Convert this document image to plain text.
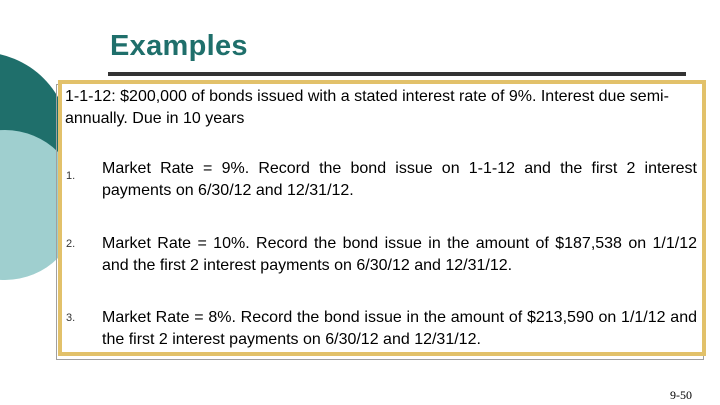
Examples
1-1-12: $200,000 of bonds issued with a stated interest rate of 9%. Interest due semi-annually. Due in 10 years
1. Market Rate = 9%. Record the bond issue on 1-1-12 and the first 2 interest payments on 6/30/12 and 12/31/12.
2. Market Rate = 10%. Record the bond issue in the amount of $187,538 on 1/1/12 and the first 2 interest payments on 6/30/12 and 12/31/12.
3. Market Rate = 8%. Record the bond issue in the amount of $213,590 on 1/1/12 and the first 2 interest payments on 6/30/12 and 12/31/12.
9-50
